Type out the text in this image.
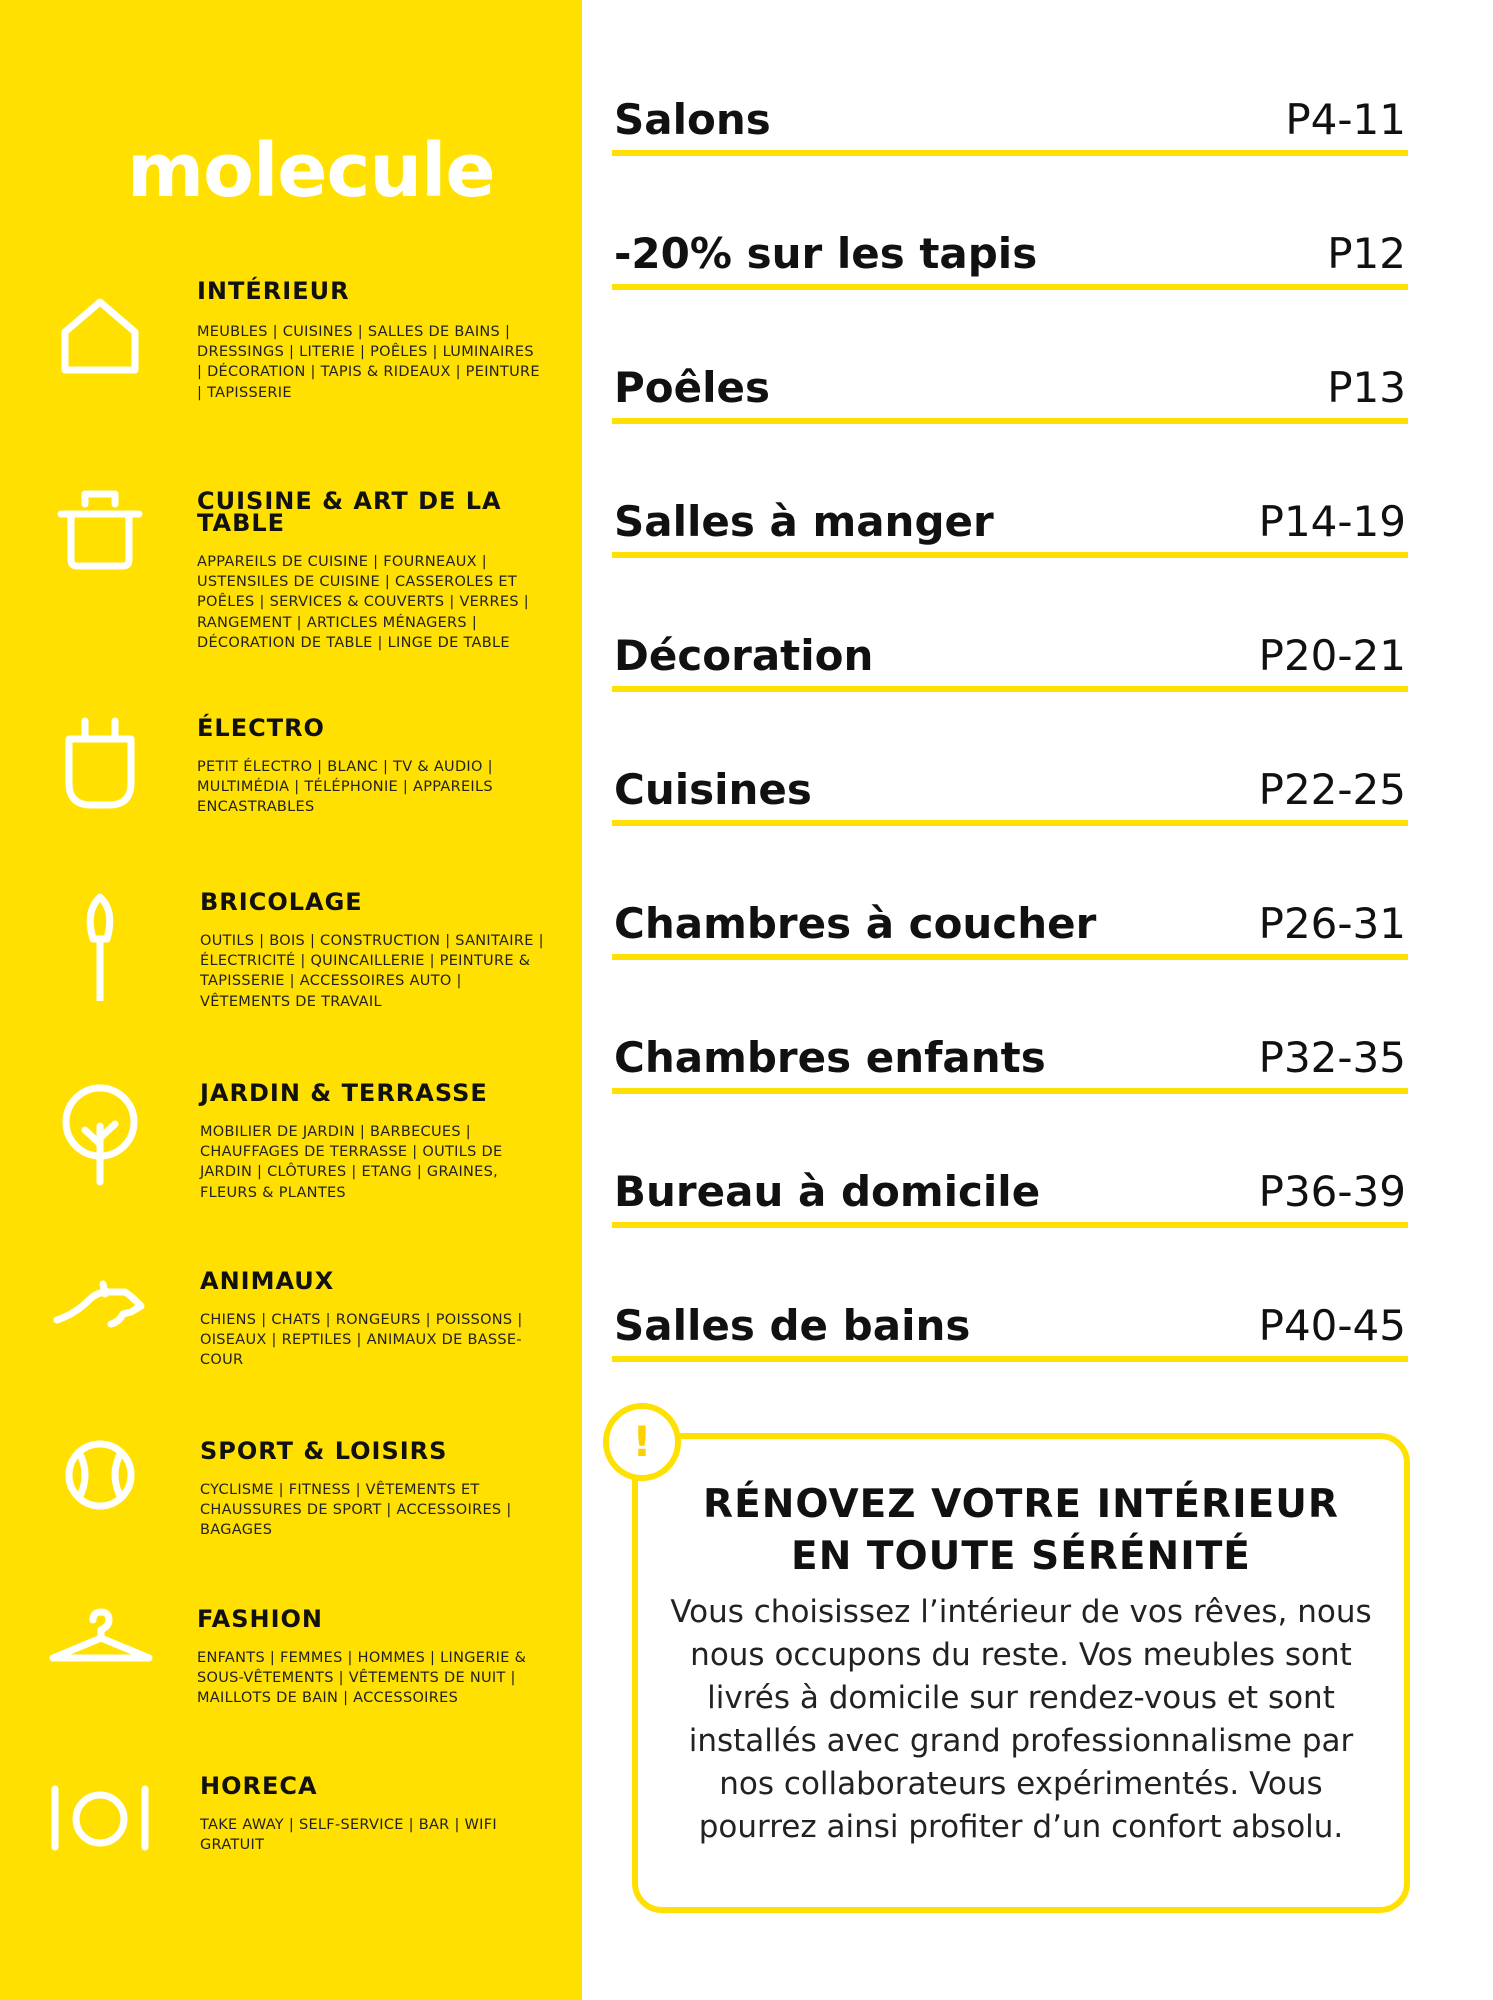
molecule
INTÉRIEUR
MEUBLES | CUISINES | SALLES DE BAINS | DRESSINGS | LITERIE | POÊLES | LUMINAIRES | DÉCORATION | TAPIS & RIDEAUX | PEINTURE | TAPISSERIE
CUISINE & ART DE LA TABLE
APPAREILS DE CUISINE | FOURNEAUX | USTENSILES DE CUISINE | CASSEROLES ET POÊLES | SERVICES & COUVERTS | VERRES | RANGEMENT | ARTICLES MÉNAGERS | DÉCORATION DE TABLE | LINGE DE TABLE
ÉLECTRO
PETIT ÉLECTRO | BLANC | TV & AUDIO | MULTIMÉDIA | TÉLÉPHONIE | APPAREILS ENCASTRABLES
BRICOLAGE
OUTILS | BOIS | CONSTRUCTION | SANITAIRE | ÉLECTRICITÉ | QUINCAILLERIE | PEINTURE & TAPISSERIE | ACCESSOIRES AUTO | VÊTEMENTS DE TRAVAIL
JARDIN & TERRASSE
MOBILIER DE JARDIN | BARBECUES | CHAUFFAGES DE TERRASSE | OUTILS DE JARDIN | CLÔTURES | ETANG | GRAINES, FLEURS & PLANTES
ANIMAUX
CHIENS | CHATS | RONGEURS | POISSONS | OISEAUX | REPTILES | ANIMAUX DE BASSE-COUR
SPORT & LOISIRS
CYCLISME | FITNESS | VÊTEMENTS ET CHAUSSURES DE SPORT | ACCESSOIRES | BAGAGES
FASHION
ENFANTS | FEMMES | HOMMES | LINGERIE & SOUS-VÊTEMENTS | VÊTEMENTS DE NUIT | MAILLOTS DE BAIN | ACCESSOIRES
HORECA
TAKE AWAY | SELF-SERVICE | BAR | WIFI GRATUIT
Salons	P4-11
-20% sur les tapis	P12
Poêles	P13
Salles à manger	P14-19
Décoration	P20-21
Cuisines	P22-25
Chambres à coucher	P26-31
Chambres enfants	P32-35
Bureau à domicile	P36-39
Salles de bains	P40-45
RÉNOVEZ VOTRE INTÉRIEUR
EN TOUTE SÉRÉNITÉ
Vous choisissez l’intérieur de vos rêves, nous nous occupons du reste. Vos meubles sont livrés à domicile sur rendez-vous et sont installés avec grand professionnalisme par nos collaborateurs expérimentés. Vous pourrez ainsi profiter d’un confort absolu.
!
